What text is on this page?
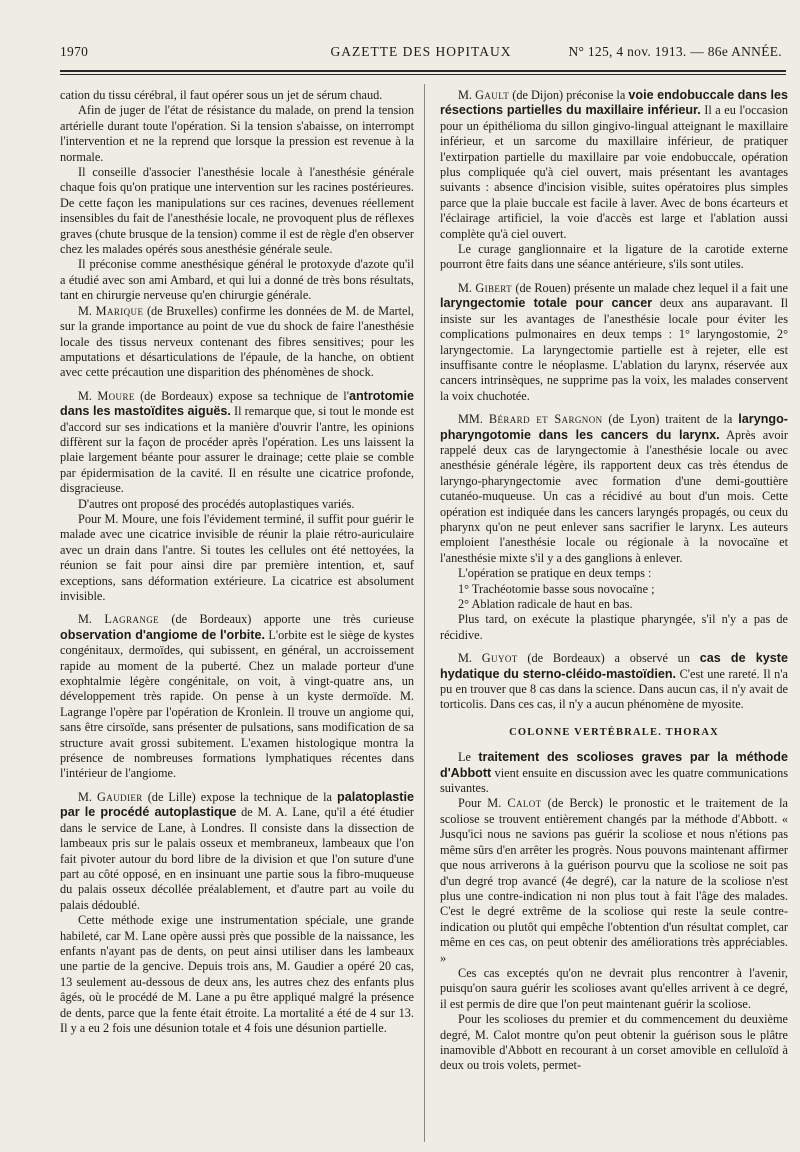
1970	GAZETTE DES HOPITAUX	N° 125, 4 nov. 1913. — 86e ANNÉE.

cation du tissu cérébral, il faut opérer sous un jet de sérum chaud.

Afin de juger de l'état de résistance du malade, on prend la tension artérielle durant toute l'opération. Si la tension s'abaisse, on interrompt l'intervention et ne la reprend que lorsque la pression est revenue à la normale.

Il conseille d'associer l'anesthésie locale à l'anesthésie générale chaque fois qu'on pratique une intervention sur les racines postérieures. De cette façon les manipulations sur ces racines, devenues réellement insensibles du fait de l'anesthésie locale, ne provoquent plus de réflexes graves (chute brusque de la tension) comme il est de règle d'en observer chez les malades opérés sous anesthésie générale seule.

Il préconise comme anesthésique général le protoxyde d'azote qu'il a étudié avec son ami Ambard, et qui lui a donné de très bons résultats, tant en chirurgie nerveuse qu'en chirurgie générale.

M. Marique (de Bruxelles) confirme les données de M. de Martel, sur la grande importance au point de vue du shock de faire l'anesthésie locale des tissus nerveux contenant des fibres sensitives; pour les amputations et désarticulations de l'épaule, de la hanche, on obtient avec cette précaution une disparition des phénomènes de shock.

M. Moure (de Bordeaux) expose sa technique de l'antrotomie dans les mastoïdites aiguës. Il remarque que, si tout le monde est d'accord sur ses indications et la manière d'ouvrir l'antre, les opinions diffèrent sur la façon de procéder après l'opération. Les uns laissent la plaie largement béante pour assurer le drainage; cette plaie se comble par épidermisation de la cavité. Il en résulte une cicatrice profonde, disgracieuse.

D'autres ont proposé des procédés autoplastiques variés.

Pour M. Moure, une fois l'évidement terminé, il suffit pour guérir le malade avec une cicatrice invisible de réunir la plaie rétro-auriculaire avec un drain dans l'antre. Si toutes les cellules ont été nettoyées, la réunion se fait pour ainsi dire par première intention, et, sauf exceptions, sans déformation extérieure. La cicatrice est absolument invisible.

M. Lagrange (de Bordeaux) apporte une très curieuse observation d'angiome de l'orbite. L'orbite est le siège de kystes congénitaux, dermoïdes, qui subissent, en général, un accroissement rapide au moment de la puberté. Chez un malade porteur d'une exophtalmie légère congénitale, on voit, à vingt-quatre ans, un développement très rapide. On pense à un kyste dermoïde. M. Lagrange l'opère par l'opération de Kronlein. Il trouve un angiome qui, sans être cirsoïde, sans présenter de pulsations, sans modification de sa structure avait grossi subitement. L'examen histologique montra la présence de nombreuses formations lymphatiques récentes dans l'intérieur de l'angiome.

M. Gaudier (de Lille) expose la technique de la palatoplastie par le procédé autoplastique de M. A. Lane, qu'il a été étudier dans le service de Lane, à Londres. Il consiste dans la dissection de lambeaux pris sur le palais osseux et membraneux, lambeaux que l'on fait pivoter autour du bord libre de la division et que l'on suture d'une part au côté opposé, en en insinuant une partie sous la fibro-muqueuse du palais osseux décollée préalablement, et d'autre part au voile du palais dédoublé.

Cette méthode exige une instrumentation spéciale, une grande habileté, car M. Lane opère aussi près que possible de la naissance, les enfants n'ayant pas de dents, on peut ainsi utiliser dans les lambeaux une partie de la gencive. Depuis trois ans, M. Gaudier a opéré 20 cas, 13 seulement au-dessous de deux ans, les autres chez des enfants plus âgés, où le procédé de M. Lane a pu être appliqué malgré la présence de dents, parce que la fente était étroite. La mortalité a été de 4 sur 13. Il y a eu 2 fois une désunion totale et 4 fois une désunion partielle.

M. Gault (de Dijon) préconise la voie endobuccale dans les résections partielles du maxillaire inférieur. Il a eu l'occasion pour un épithélioma du sillon gingivo-lingual atteignant le maxillaire inférieur, et un sarcome du maxillaire inférieur, de pratiquer l'extirpation partielle du maxillaire par voie endobuccale, opération plus compliquée qu'à ciel ouvert, mais présentant les avantages suivants : absence d'incision visible, suites opératoires plus simples parce que la plaie buccale est facile à laver. Avec de bons écarteurs et l'éclairage artificiel, la voie d'accès est large et l'ablation aussi complète qu'à ciel ouvert.

Le curage ganglionnaire et la ligature de la carotide externe pourront être faits dans une séance antérieure, s'ils sont utiles.

M. Gibert (de Rouen) présente un malade chez lequel il a fait une laryngectomie totale pour cancer deux ans auparavant. Il insiste sur les avantages de l'anesthésie locale pour éviter les complications pulmonaires en deux temps : 1° laryngostomie, 2° laryngectomie. La laryngectomie partielle est à rejeter, elle est insuffisante contre le néoplasme. L'ablation du larynx, réservée aux cancers intrinsèques, ne supprime pas la voix, les malades conservent la voix chuchotée.

MM. Bérard et Sargnon (de Lyon) traitent de la laryngo-pharyngotomie dans les cancers du larynx. Après avoir rappelé deux cas de laryngectomie à l'anesthésie locale ou avec anesthésie générale légère, ils rapportent deux cas très étendus de laryngo-pharyngectomie avec formation d'une demi-gouttière cutanéo-muqueuse. Un cas a récidivé au bout d'un mois. Cette opération est indiquée dans les cancers laryngés propagés, ou ceux du pharynx qu'on ne peut enlever sans sacrifier le larynx. Les auteurs emploient l'anesthésie locale ou régionale à la novocaïne et l'anesthésie mixte s'il y a des ganglions à enlever.

L'opération se pratique en deux temps :

1° Trachéotomie basse sous novocaïne ;

2° Ablation radicale de haut en bas.

Plus tard, on exécute la plastique pharyngée, s'il n'y a pas de récidive.

M. Guyot (de Bordeaux) a observé un cas de kyste hydatique du sterno-cléido-mastoïdien. C'est une rareté. Il n'a pu en trouver que 8 cas dans la science. Dans aucun cas, il n'y avait de torticolis. Dans ces cas, il n'y a aucun phénomène de myosite.

COLONNE VERTÉBRALE. THORAX

Le traitement des scolioses graves par la méthode d'Abbott vient ensuite en discussion avec les quatre communications suivantes.

Pour M. Calot (de Berck) le pronostic et le traitement de la scoliose se trouvent entièrement changés par la méthode d'Abbott. « Jusqu'ici nous ne savions pas guérir la scoliose et nous n'étions pas même sûrs d'en arrêter les progrès. Nous pouvons maintenant affirmer que nous arriverons à la guérison pourvu que la scoliose ne soit pas d'un degré trop avancé (4e degré), car la nature de la scoliose n'est plus une contre-indication ni non plus tout à fait l'âge des malades. C'est le degré extrême de la scoliose qui reste la seule contre-indication ou plutôt qui empêche l'obtention d'un résultat complet, car même en ces cas, on peut obtenir des améliorations très appréciables. »

Ces cas exceptés qu'on ne devrait plus rencontrer à l'avenir, puisqu'on saura guérir les scolioses avant qu'elles arrivent à ce degré, il est permis de dire que l'on peut maintenant guérir la scoliose.

Pour les scolioses du premier et du commencement du deuxième degré, M. Calot montre qu'on peut obtenir la guérison sous le plâtre inamovible d'Abbott en recourant à un corset amovible en celluloïd à deux ou trois volets, permet-
